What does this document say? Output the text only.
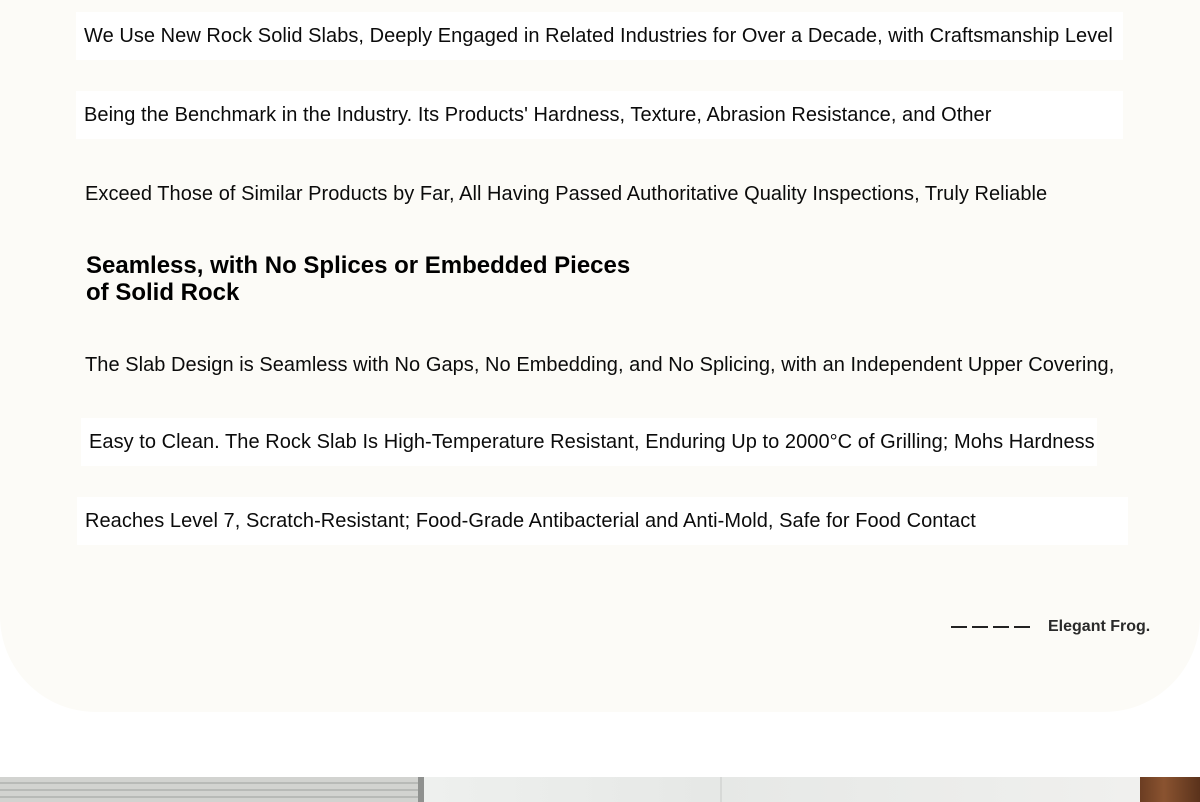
We Use New Rock Solid Slabs, Deeply Engaged in Related Industries for Over a Decade, with Craftsmanship Level
Being the Benchmark in the Industry. Its Products' Hardness, Texture, Abrasion Resistance, and Other
Exceed Those of Similar Products by Far, All Having Passed Authoritative Quality Inspections, Truly Reliable
Seamless, with No Splices or Embedded Pieces
of Solid Rock
The Slab Design is Seamless with No Gaps, No Embedding, and No Splicing, with an Independent Upper Covering,
Easy to Clean. The Rock Slab Is High-Temperature Resistant, Enduring Up to 2000°C of Grilling; Mohs Hardness
Reaches Level 7, Scratch-Resistant; Food-Grade Antibacterial and Anti-Mold, Safe for Food Contact
Elegant Frog.
